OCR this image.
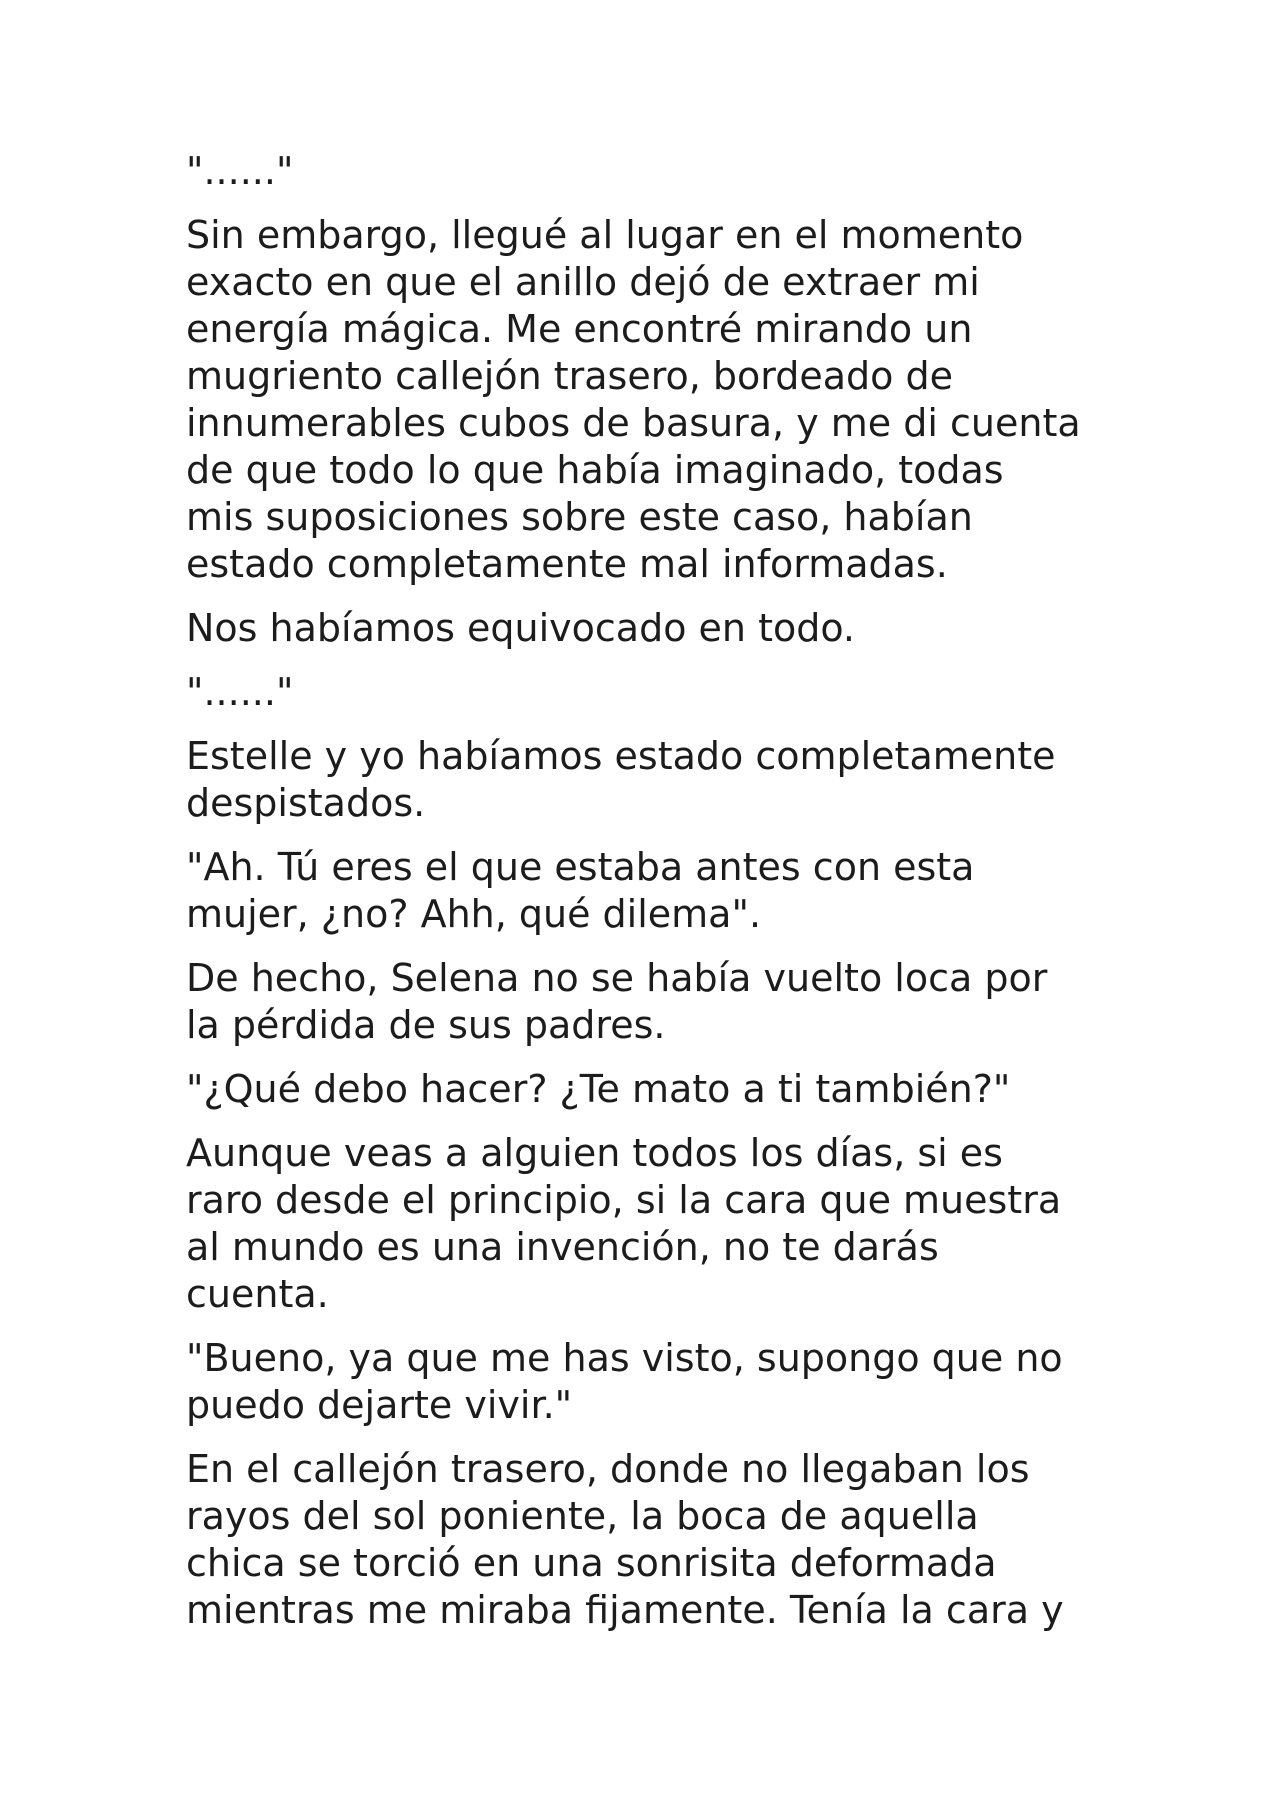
"......"

Sin embargo, llegué al lugar en el momento
exacto en que el anillo dejó de extraer mi
energía mágica. Me encontré mirando un
mugriento callejón trasero, bordeado de
innumerables cubos de basura, y me di cuenta
de que todo lo que había imaginado, todas
mis suposiciones sobre este caso, habían
estado completamente mal informadas.

Nos habíamos equivocado en todo.

"......"

Estelle y yo habíamos estado completamente
despistados.

"Ah. Tú eres el que estaba antes con esta
mujer, ¿no? Ahh, qué dilema".

De hecho, Selena no se había vuelto loca por
la pérdida de sus padres.

"¿Qué debo hacer? ¿Te mato a ti también?"

Aunque veas a alguien todos los días, si es
raro desde el principio, si la cara que muestra
al mundo es una invención, no te darás
cuenta.

"Bueno, ya que me has visto, supongo que no
puedo dejarte vivir."

En el callejón trasero, donde no llegaban los
rayos del sol poniente, la boca de aquella
chica se torció en una sonrisita deformada
mientras me miraba fijamente. Tenía la cara y
